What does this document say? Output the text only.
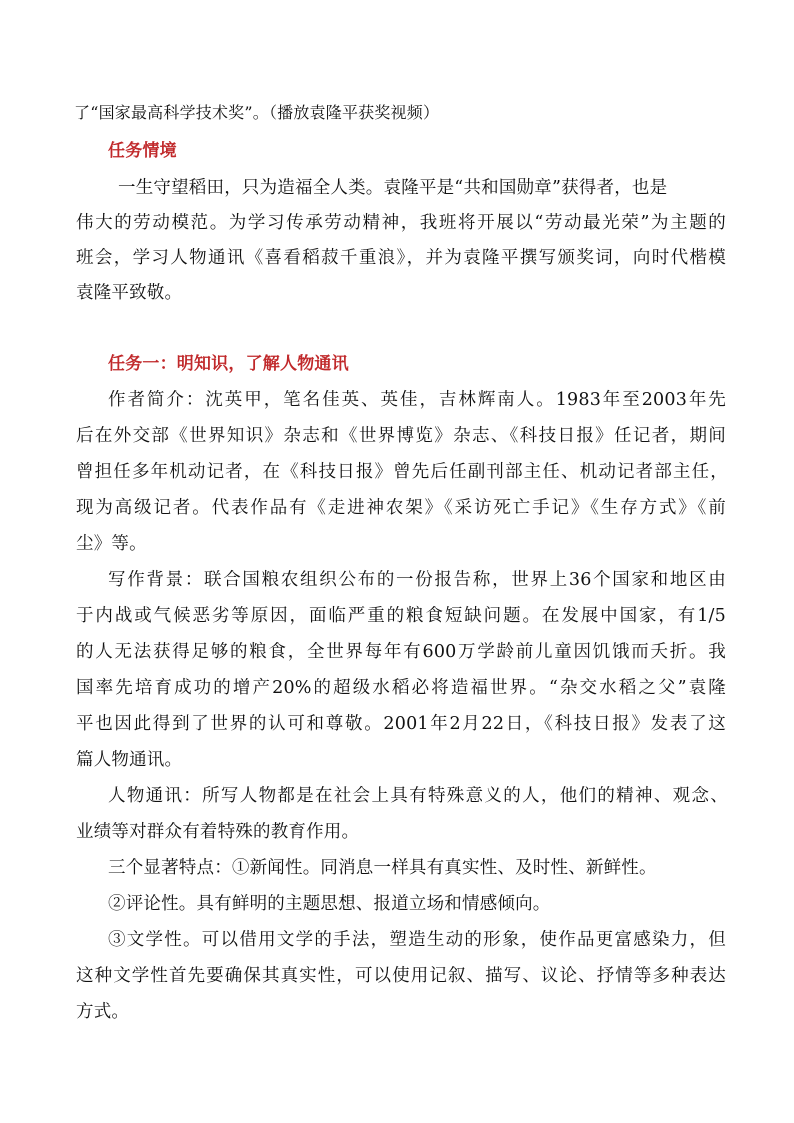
了“国家最高科学技术奖”。（播放袁隆平获奖视频）
任务情境
一生守望稻田，只为造福全人类。袁隆平是“共和国勋章”获得者，也是
伟大的劳动模范。为学习传承劳动精神，我班将开展以“劳动最光荣”为主题的
班会，学习人物通讯《喜看稻菽千重浪》，并为袁隆平撰写颁奖词，向时代楷模
袁隆平致敬。
任务一：明知识，了解人物通讯
作者简介：沈英甲，笔名佳英、英佳，吉林辉南人。1983年至2003年先
后在外交部《世界知识》杂志和《世界博览》杂志、《科技日报》任记者，期间
曾担任多年机动记者，在《科技日报》曾先后任副刊部主任、机动记者部主任，
现为高级记者。代表作品有《走进神农架》《采访死亡手记》《生存方式》《前
尘》等。
写作背景：联合国粮农组织公布的一份报告称，世界上36个国家和地区由
于内战或气候恶劣等原因，面临严重的粮食短缺问题。在发展中国家，有1/5
的人无法获得足够的粮食，全世界每年有600万学龄前儿童因饥饿而夭折。我
国率先培育成功的增产20%的超级水稻必将造福世界。“杂交水稻之父”袁隆
平也因此得到了世界的认可和尊敬。2001年2月22日，《科技日报》发表了这
篇人物通讯。
人物通讯：所写人物都是在社会上具有特殊意义的人，他们的精神、观念、
业绩等对群众有着特殊的教育作用。
三个显著特点：①新闻性。同消息一样具有真实性、及时性、新鲜性。
②评论性。具有鲜明的主题思想、报道立场和情感倾向。
③文学性。可以借用文学的手法，塑造生动的形象，使作品更富感染力，但
这种文学性首先要确保其真实性，可以使用记叙、描写、议论、抒情等多种表达
方式。
